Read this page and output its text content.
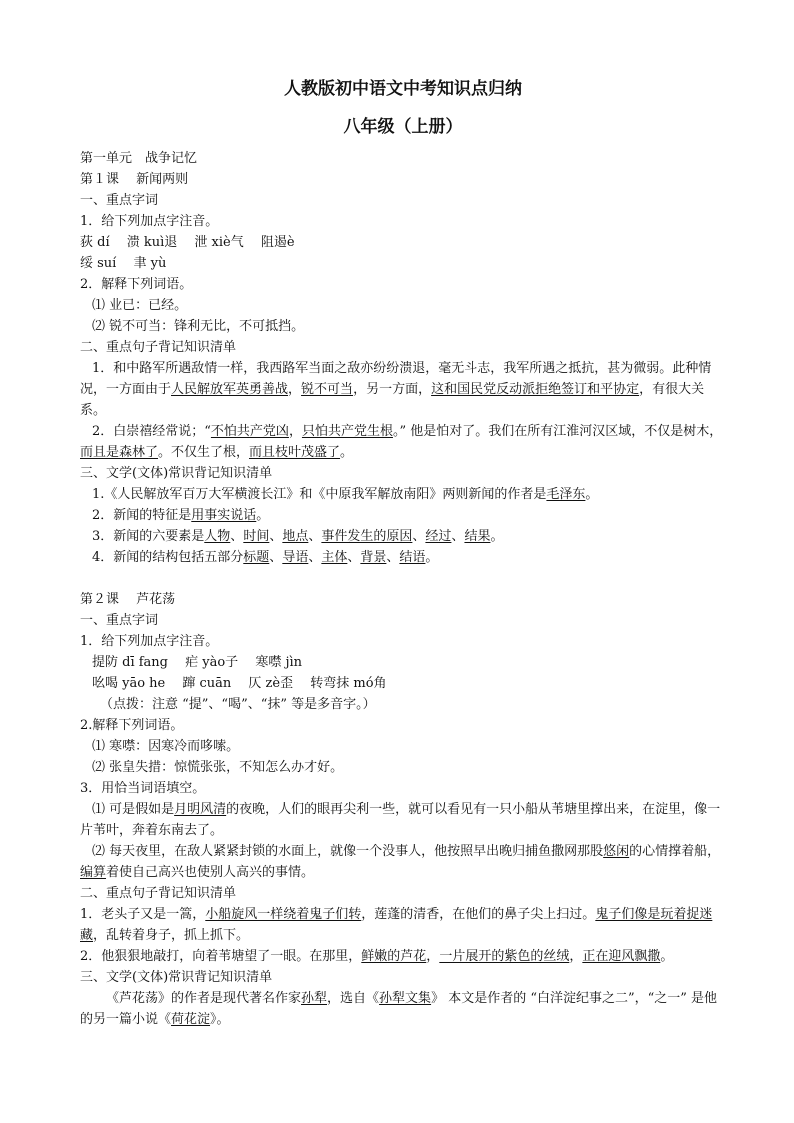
人教版初中语文中考知识点归纳
八年级（上册）
第一单元　战争记忆
第１课　 新闻两则
一、重点字词
1．给下列加点字注音。
荻 dí　 溃 kuì退　 泄 xiè气　 阻遏è
绥 suí　 聿 yù
2．解释下列词语。
⑴ 业已：已经。
⑵ 锐不可当：锋利无比，不可抵挡。
二、重点句子背记知识清单
1．和中路军所遇敌情一样，我西路军当面之敌亦纷纷溃退，毫无斗志，我军所遇之抵抗，甚为微弱。此种情况，一方面由于人民解放军英勇善战，锐不可当，另一方面，这和国民党反动派拒绝签订和平协定，有很大关系。
2．白崇禧经常说；“不怕共产党凶，只怕共产党生根。” 他是怕对了。我们在所有江淮河汉区域，不仅是树木，而且是森林了。不仅生了根，而且枝叶茂盛了。
三、文学(文体)常识背记知识清单
1.《人民解放军百万大军横渡长江》和《中原我军解放南阳》两则新闻的作者是毛泽东。
2．新闻的特征是用事实说话。
3．新闻的六要素是人物、时间、地点、事件发生的原因、经过、结果。
4．新闻的结构包括五部分标题、导语、主体、背景、结语。
第２课　 芦花荡
一、重点字词
1．给下列加点字注音。
提防 dī fang　 疟 yào子　 寒噤 jìn
吆喝 yāo he　 蹿 cuān　 仄 zè歪　 转弯抹 mó角
（点拨：注意 “提”、“喝”、“抹” 等是多音字。）
2.解释下列词语。
⑴ 寒噤：因寒冷而哆嗦。
⑵ 张皇失措：惊慌张张，不知怎么办才好。
3．用恰当词语填空。
⑴ 可是假如是月明风清的夜晚，人们的眼再尖利一些，就可以看见有一只小船从苇塘里撑出来，在淀里，像一片苇叶，奔着东南去了。
⑵ 每天夜里，在敌人紧紧封锁的水面上，就像一个没事人，他按照早出晚归捕鱼撒网那股悠闲的心情撑着船，编算着使自己高兴也使别人高兴的事情。
二、重点句子背记知识清单
1．老头子又是一篙，小船旋风一样绕着鬼子们转，莲蓬的清香，在他们的鼻子尖上扫过。鬼子们像是玩着捉迷藏，乱转着身子，抓上抓下。
2．他狠狠地敲打，向着苇塘望了一眼。在那里，鲜嫩的芦花，一片展开的紫色的丝绒，正在迎风飘撒。
三、文学(文体)常识背记知识清单
《芦花荡》的作者是现代著名作家孙犁，选自《孙犁文集》 本文是作者的 “白洋淀纪事之二”，“之一” 是他的另一篇小说《荷花淀》。
